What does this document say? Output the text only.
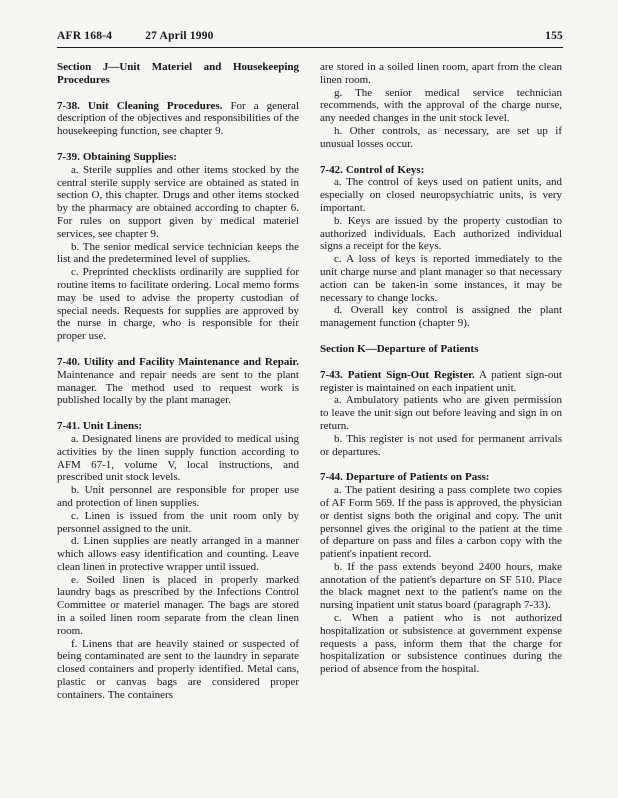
AFR 168-4	27 April 1990	155

Section J—Unit Materiel and Housekeeping Procedures

7-38. Unit Cleaning Procedures. For a general description of the objectives and responsibilities of the housekeeping function, see chapter 9.

7-39. Obtaining Supplies:

a. Sterile supplies and other items stocked by the central sterile supply service are obtained as stated in section O, this chapter. Drugs and other items stocked by the pharmacy are obtained according to chapter 6. For rules on support given by medical materiel services, see chapter 9.

b. The senior medical service technician keeps the list and the predetermined level of supplies.

c. Preprinted checklists ordinarily are supplied for routine items to facilitate ordering. Local memo forms may be used to advise the property custodian of special needs. Requests for supplies are approved by the nurse in charge, who is responsible for their proper use.

7-40. Utility and Facility Maintenance and Repair. Maintenance and repair needs are sent to the plant manager. The method used to request work is published locally by the plant manager.

7-41. Unit Linens:

a. Designated linens are provided to medical using activities by the linen supply function according to AFM 67-1, volume V, local instructions, and prescribed unit stock levels.

b. Unit personnel are responsible for proper use and protection of linen supplies.

c. Linen is issued from the unit room only by personnel assigned to the unit.

d. Linen supplies are neatly arranged in a manner which allows easy identification and counting. Leave clean linen in protective wrapper until issued.

e. Soiled linen is placed in properly marked laundry bags as prescribed by the Infections Control Committee or materiel manager. The bags are stored in a soiled linen room separate from the clean linen room.

f. Linens that are heavily stained or suspected of being contaminated are sent to the laundry in separate closed containers and properly identified. Metal cans, plastic or canvas bags are considered proper containers. The containers

are stored in a soiled linen room, apart from the clean linen room.

g. The senior medical service technician recommends, with the approval of the charge nurse, any needed changes in the unit stock level.

h. Other controls, as necessary, are set up if unusual losses occur.

7-42. Control of Keys:

a. The control of keys used on patient units, and especially on closed neuropsychiatric units, is very important.

b. Keys are issued by the property custodian to authorized individuals. Each authorized individual signs a receipt for the keys.

c. A loss of keys is reported immediately to the unit charge nurse and plant manager so that necessary action can be taken-in some instances, it may be necessary to change locks.

d. Overall key control is assigned the plant management function (chapter 9).

Section K—Departure of Patients

7-43. Patient Sign-Out Register. A patient sign-out register is maintained on each inpatient unit.

a. Ambulatory patients who are given permission to leave the unit sign out before leaving and sign in on return.

b. This register is not used for permanent arrivals or departures.

7-44. Departure of Patients on Pass:

a. The patient desiring a pass complete two copies of AF Form 569. If the pass is approved, the physician or dentist signs both the original and copy. The unit personnel gives the original to the patient at the time of departure on pass and files a carbon copy with the patient's inpatient record.

b. If the pass extends beyond 2400 hours, make annotation of the patient's departure on SF 510. Place the black magnet next to the patient's name on the nursing inpatient unit status board (paragraph 7-33).

c. When a patient who is not authorized hospitalization or subsistence at government expense requests a pass, inform them that the charge for hospitalization or subsistence continues during the period of absence from the hospital.
